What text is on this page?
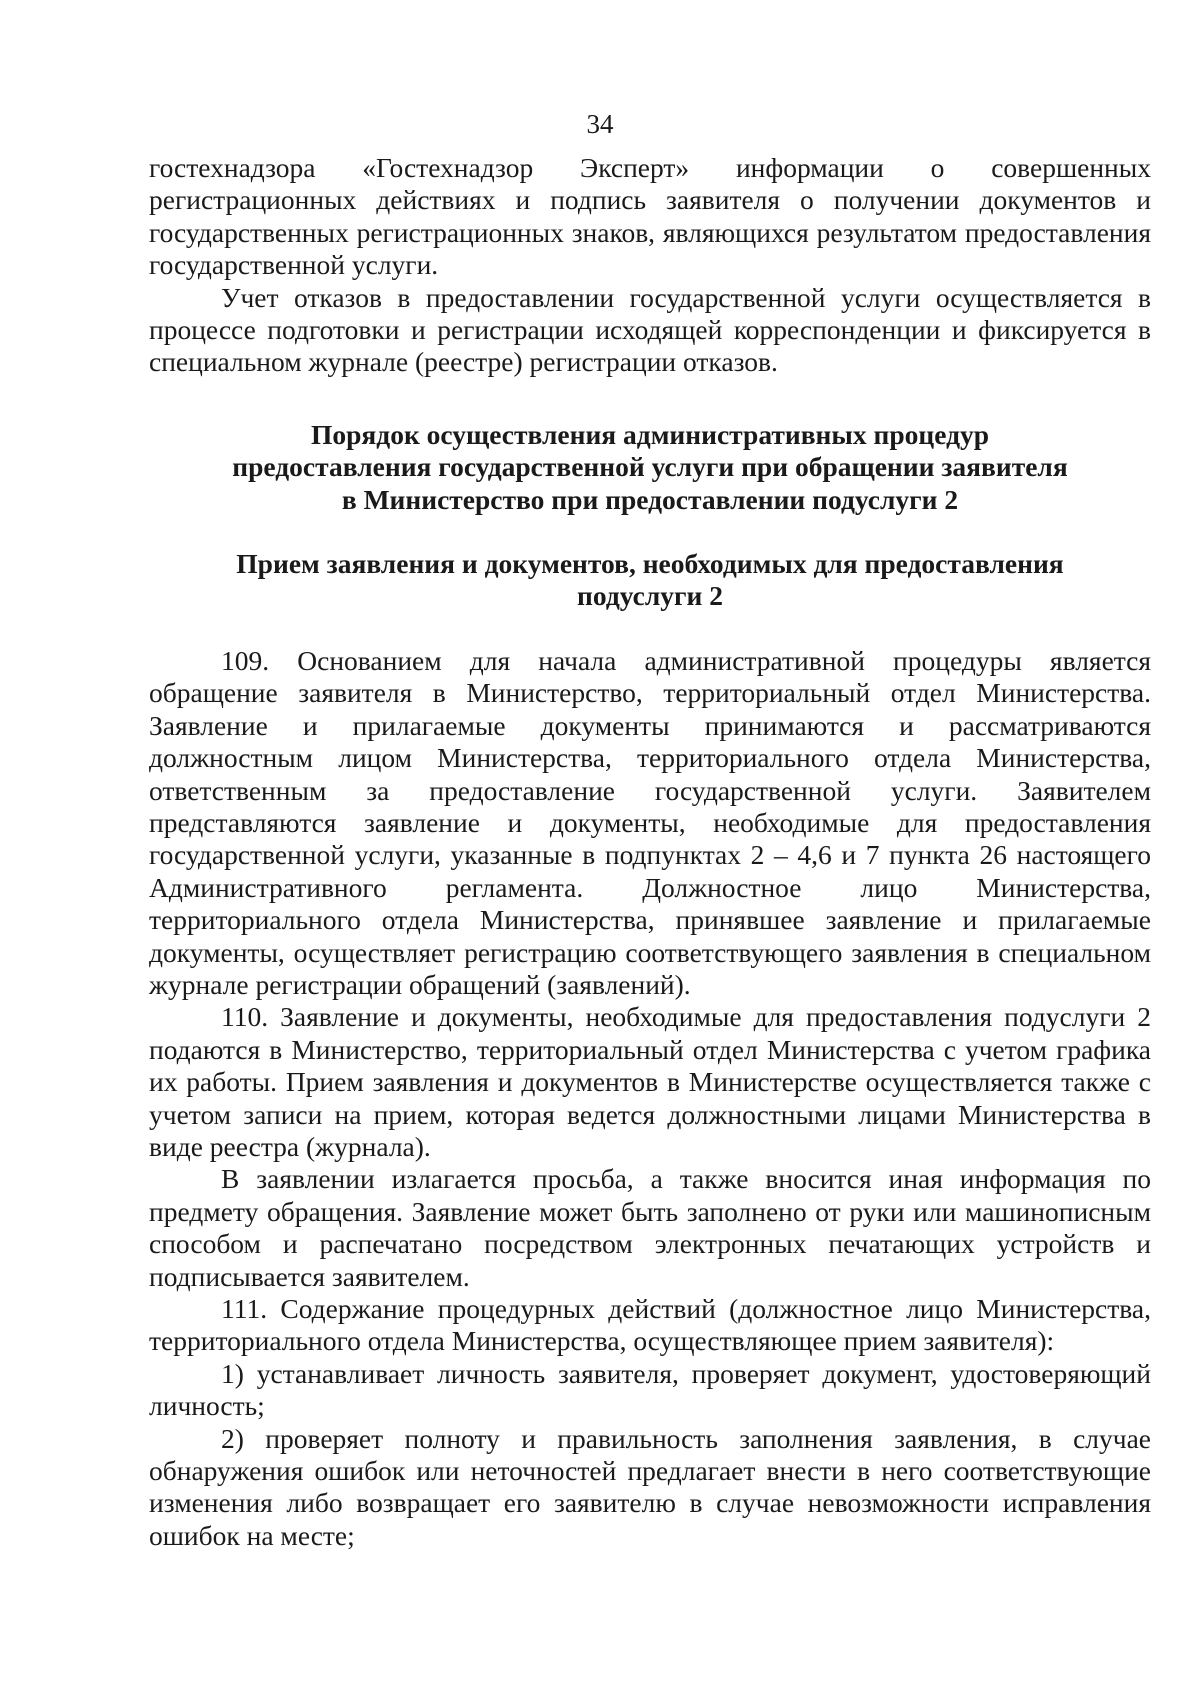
34

гостехнадзора «Гостехнадзор Эксперт» информации о совершенных регистрационных действиях и подпись заявителя о получении документов и государственных регистрационных знаков, являющихся результатом предоставления государственной услуги.

Учет отказов в предоставлении государственной услуги осуществляется в процессе подготовки и регистрации исходящей корреспонденции и фиксируется в специальном журнале (реестре) регистрации отказов.

Порядок осуществления административных процедур
предоставления государственной услуги при обращении заявителя
в Министерство при предоставлении подуслуги 2
Прием заявления и документов, необходимых для предоставления
подуслуги 2

109. Основанием для начала административной процедуры является обращение заявителя в Министерство, территориальный отдел Министерства. Заявление и прилагаемые документы принимаются и рассматриваются должностным лицом Министерства, территориального отдела Министерства, ответственным за предоставление государственной услуги. Заявителем представляются заявление и документы, необходимые для предоставления государственной услуги, указанные в подпунктах 2 – 4,6 и 7 пункта 26 настоящего Административного регламента. Должностное лицо Министерства, территориального отдела Министерства, принявшее заявление и прилагаемые документы, осуществляет регистрацию соответствующего заявления в специальном журнале регистрации обращений (заявлений).

110. Заявление и документы, необходимые для предоставления подуслуги 2 подаются в Министерство, территориальный отдел Министерства с учетом графика их работы. Прием заявления и документов в Министерстве осуществляется также с учетом записи на прием, которая ведется должностными лицами Министерства в виде реестра (журнала).

В заявлении излагается просьба, а также вносится иная информация по предмету обращения. Заявление может быть заполнено от руки или машинописным способом и распечатано посредством электронных печатающих устройств и подписывается заявителем.

111. Содержание процедурных действий (должностное лицо Министерства, территориального отдела Министерства, осуществляющее прием заявителя):

1) устанавливает личность заявителя, проверяет документ, удостоверяющий личность;

2) проверяет полноту и правильность заполнения заявления, в случае обнаружения ошибок или неточностей предлагает внести в него соответствующие изменения либо возвращает его заявителю в случае невозможности исправления ошибок на месте;
